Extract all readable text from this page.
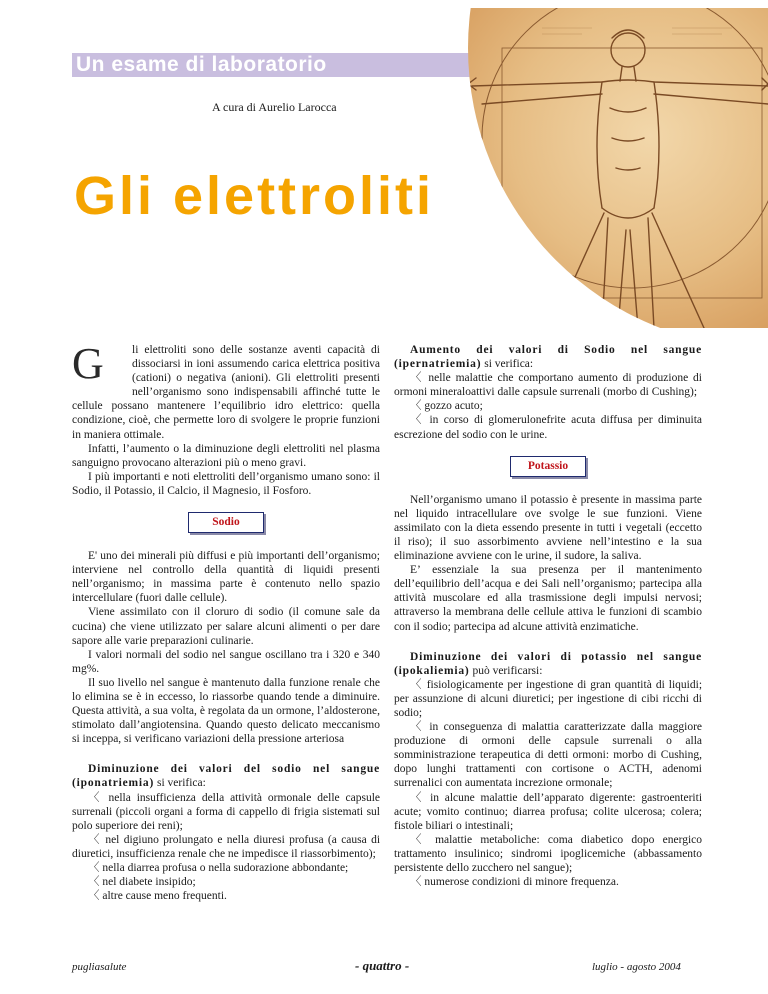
Un esame di laboratorio
A cura di Aurelio Larocca
Gli elettroliti
G	li elettroliti sono delle sostanze aventi capacità di dissociarsi in ioni assumendo carica elettrica positiva (cationi) o negativa (anioni). Gli elettroliti presenti nell’organismo sono indispensabili affinché tutte le cellule possano mantenere l’equilibrio idro elettrico: quella condizione, cioè, che permette loro di svolgere le proprie funzioni in maniera ottimale.

Infatti, l’aumento o la diminuzione degli elettroliti nel plasma sanguigno provocano alterazioni più o meno gravi.

I più importanti e noti elettroliti dell’organismo umano sono: il Sodio, il Potassio, il Calcio, il Magnesio, il Fosforo.

Sodio

E' uno dei minerali più diffusi e più importanti dell’organismo; interviene nel controllo della quantità di liquidi presenti nell’organismo; in massima parte è contenuto nello spazio intercellulare (fuori dalle cellule).

Viene assimilato con il cloruro di sodio (il comune sale da cucina) che viene utilizzato per salare alcuni alimenti o per dare sapore alle varie preparazioni culinarie.

I valori normali del sodio nel sangue oscillano tra i 320 e 340 mg%.

Il suo livello nel sangue è mantenuto dalla funzione renale che lo elimina se è in eccesso, lo riassorbe quando tende a diminuire. Questa attività, a sua volta, è regolata da un ormone, l’aldosterone, stimolato dall’angiotensina. Quando questo delicato meccanismo si inceppa, si verificano variazioni della pressione arteriosa

Diminuzione dei valori del sodio nel sangue (iponatriemia) si verifica:

〈 nella insufficienza della attività ormonale delle capsule surrenali (piccoli organi a forma di cappello di frigia sistemati sul polo superiore dei reni);

〈 nel digiuno prolungato e nella diuresi profusa (a causa di diuretici, insufficienza renale che ne impedisce il riassorbimento);

〈 nella diarrea profusa o nella sudorazione abbondante;

〈 nel diabete insipido;

〈 altre cause meno frequenti.

Aumento dei valori di Sodio nel sangue (ipernatriemia) si verifica:

〈 nelle malattie che comportano aumento di produzione di ormoni mineraloattivi dalle capsule surrenali (morbo di Cushing);

〈 gozzo acuto;

〈 in corso di glomerulonefrite acuta diffusa per diminuita escrezione del sodio con le urine.

Potassio

Nell’organismo umano il potassio è presente in massima parte nel liquido intracellulare ove svolge le sue funzioni. Viene assimilato con la dieta essendo presente in tutti i vegetali (eccetto il riso); il suo assorbimento avviene nell’intestino e la sua eliminazione avviene con le urine, il sudore, la saliva.

E’ essenziale la sua presenza per il mantenimento dell’equilibrio dell’acqua e dei Sali nell’organismo; partecipa alla attività muscolare ed alla trasmissione degli impulsi nervosi; attraverso la membrana delle cellule attiva le funzioni di scambio con il sodio; partecipa ad alcune attività enzimatiche.

Diminuzione dei valori di potassio nel sangue (ipokaliemia) può verificarsi:

〈 fisiologicamente per ingestione di gran quantità di liquidi; per assunzione di alcuni diuretici; per ingestione di cibi ricchi di sodio;

〈 in conseguenza di malattia caratterizzate dalla maggiore produzione di ormoni delle capsule surrenali o alla somministrazione terapeutica di detti ormoni: morbo di Cushing, dopo lunghi trattamenti con cortisone o ACTH, adenomi surrenalici con aumentata increzione ormonale;

〈 in alcune malattie dell’apparato digerente: gastroenteriti acute; vomito continuo; diarrea profusa; colite ulcerosa; colera; fistole biliari o intestinali;

〈 malattie metaboliche: coma diabetico dopo energico trattamento insulinico; sindromi ipoglicemiche (abbassamento persistente dello zucchero nel sangue);

〈 numerose condizioni di minore frequenza.

pugliasalute	- quattro -	luglio - agosto 2004
